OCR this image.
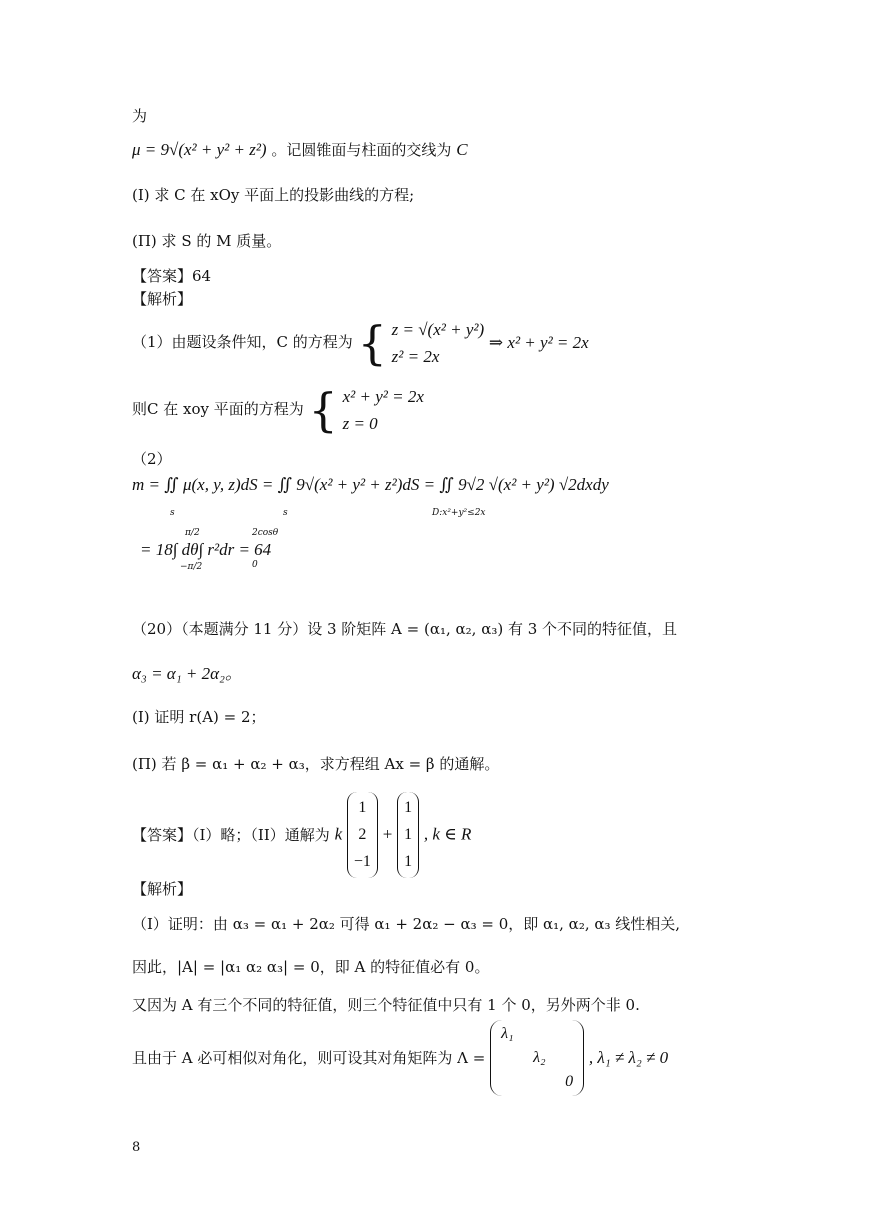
为
μ = 9√(x² + y² + z²) 。记圆锥面与柱面的交线为 C
(I) 求 C 在 xOy 平面上的投影曲线的方程;
(Π) 求 S 的 M 质量。
【答案】64
【解析】
（1）由题设条件知，C 的方程为 { z = √(x² + y²)
z² = 2x
⇒ x² + y² = 2x
则C 在 xoy 平面的方程为 { x² + y² = 2x
z = 0
（2）
m = ∬ μ(x, y, z)dS = ∬ 9√(x² + y² + z²)dS = ∬ 9√2 √(x² + y²) √2dxdy
s	s	D:x²+y²≤2x
= 18∫ dθ∫ r²dr = 64
π/2
−π/2
2cosθ
0
（20）（本题满分 11 分）设 3 阶矩阵 A = (α₁, α₂, α₃) 有 3 个不同的特征值，且
α₃ = α₁ + 2α₂。
(I) 证明 r(A) = 2；
(Π) 若 β = α₁ + α₂ + α₃，求方程组 Ax = β 的通解。
【答案】（I）略；（II）通解为 k
1
2
−1
+
1
1
1
, k ∈ R
【解析】
（I）证明：由 α₃ = α₁ + 2α₂ 可得 α₁ + 2α₂ − α₃ = 0，即 α₁, α₂, α₃ 线性相关,
因此，|A| = |α₁ α₂ α₃| = 0，即 A 的特征值必有 0。
又因为 A 有三个不同的特征值，则三个特征值中只有 1 个 0，另外两个非 0.
且由于 A 必可相似对角化，则可设其对角矩阵为 Λ =
λ₁
λ₂
0
, λ₁ ≠ λ₂ ≠ 0
8
